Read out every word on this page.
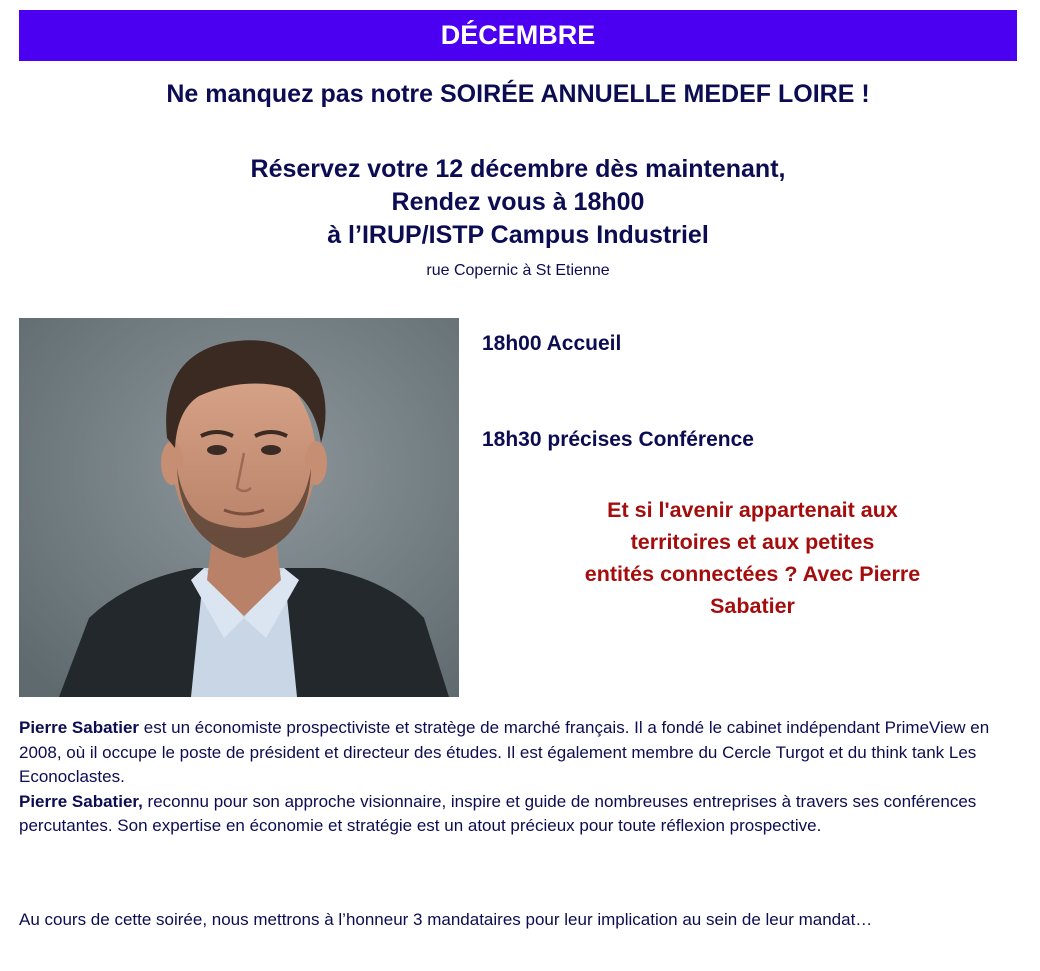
DÉCEMBRE
Ne manquez pas notre SOIRÉE ANNUELLE MEDEF LOIRE !
Réservez votre 12 décembre dès maintenant,
Rendez vous à 18h00
à l’IRUP/ISTP Campus Industriel
rue Copernic à St Etienne
18h00 Accueil
18h30 précises Conférence
Et si l'avenir appartenait aux
territoires et aux petites
entités connectées ? Avec Pierre
Sabatier

Pierre Sabatier est un économiste prospectiviste et stratège de marché français. Il a fondé le cabinet indépendant PrimeView en 2008, où il occupe le poste de président et directeur des études. Il est également membre du Cercle Turgot et du think tank Les Econoclastes.

Pierre Sabatier, reconnu pour son approche visionnaire, inspire et guide de nombreuses entreprises à travers ses conférences percutantes. Son expertise en économie et stratégie est un atout précieux pour toute réflexion prospective.

Au cours de cette soirée, nous mettrons à l’honneur 3 mandataires pour leur implication au sein de leur mandat…
